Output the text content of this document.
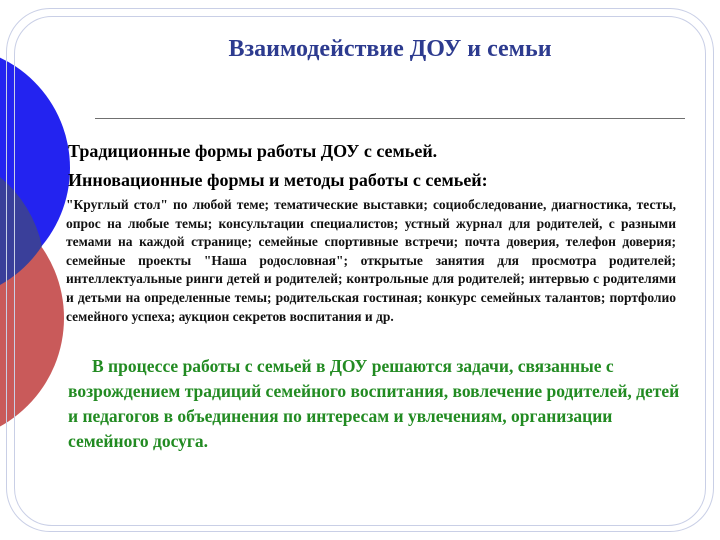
Взаимодействие ДОУ и семьи
Традиционные формы работы ДОУ с семьей.
Инновационные формы и методы работы с семьей:
"Круглый стол" по любой теме; тематические выставки; социобследование, диагностика, тесты, опрос на любые темы; консультации специалистов; устный журнал для родителей, с разными темами на каждой странице; семейные спортивные встречи; почта доверия, телефон доверия; семейные проекты "Наша родословная"; открытые занятия для просмотра родителей; интеллектуальные ринги детей и родителей; контрольные для родителей; интервью с родителями и детьми на определенные темы; родительская гостиная; конкурс семейных талантов; портфолио семейного успеха; аукцион секретов воспитания и др.
В процессе работы с семьей в ДОУ решаются задачи, связанные с возрождением традиций семейного воспитания, вовлечение родителей, детей и педагогов в объединения по интересам и увлечениям, организации семейного досуга.
